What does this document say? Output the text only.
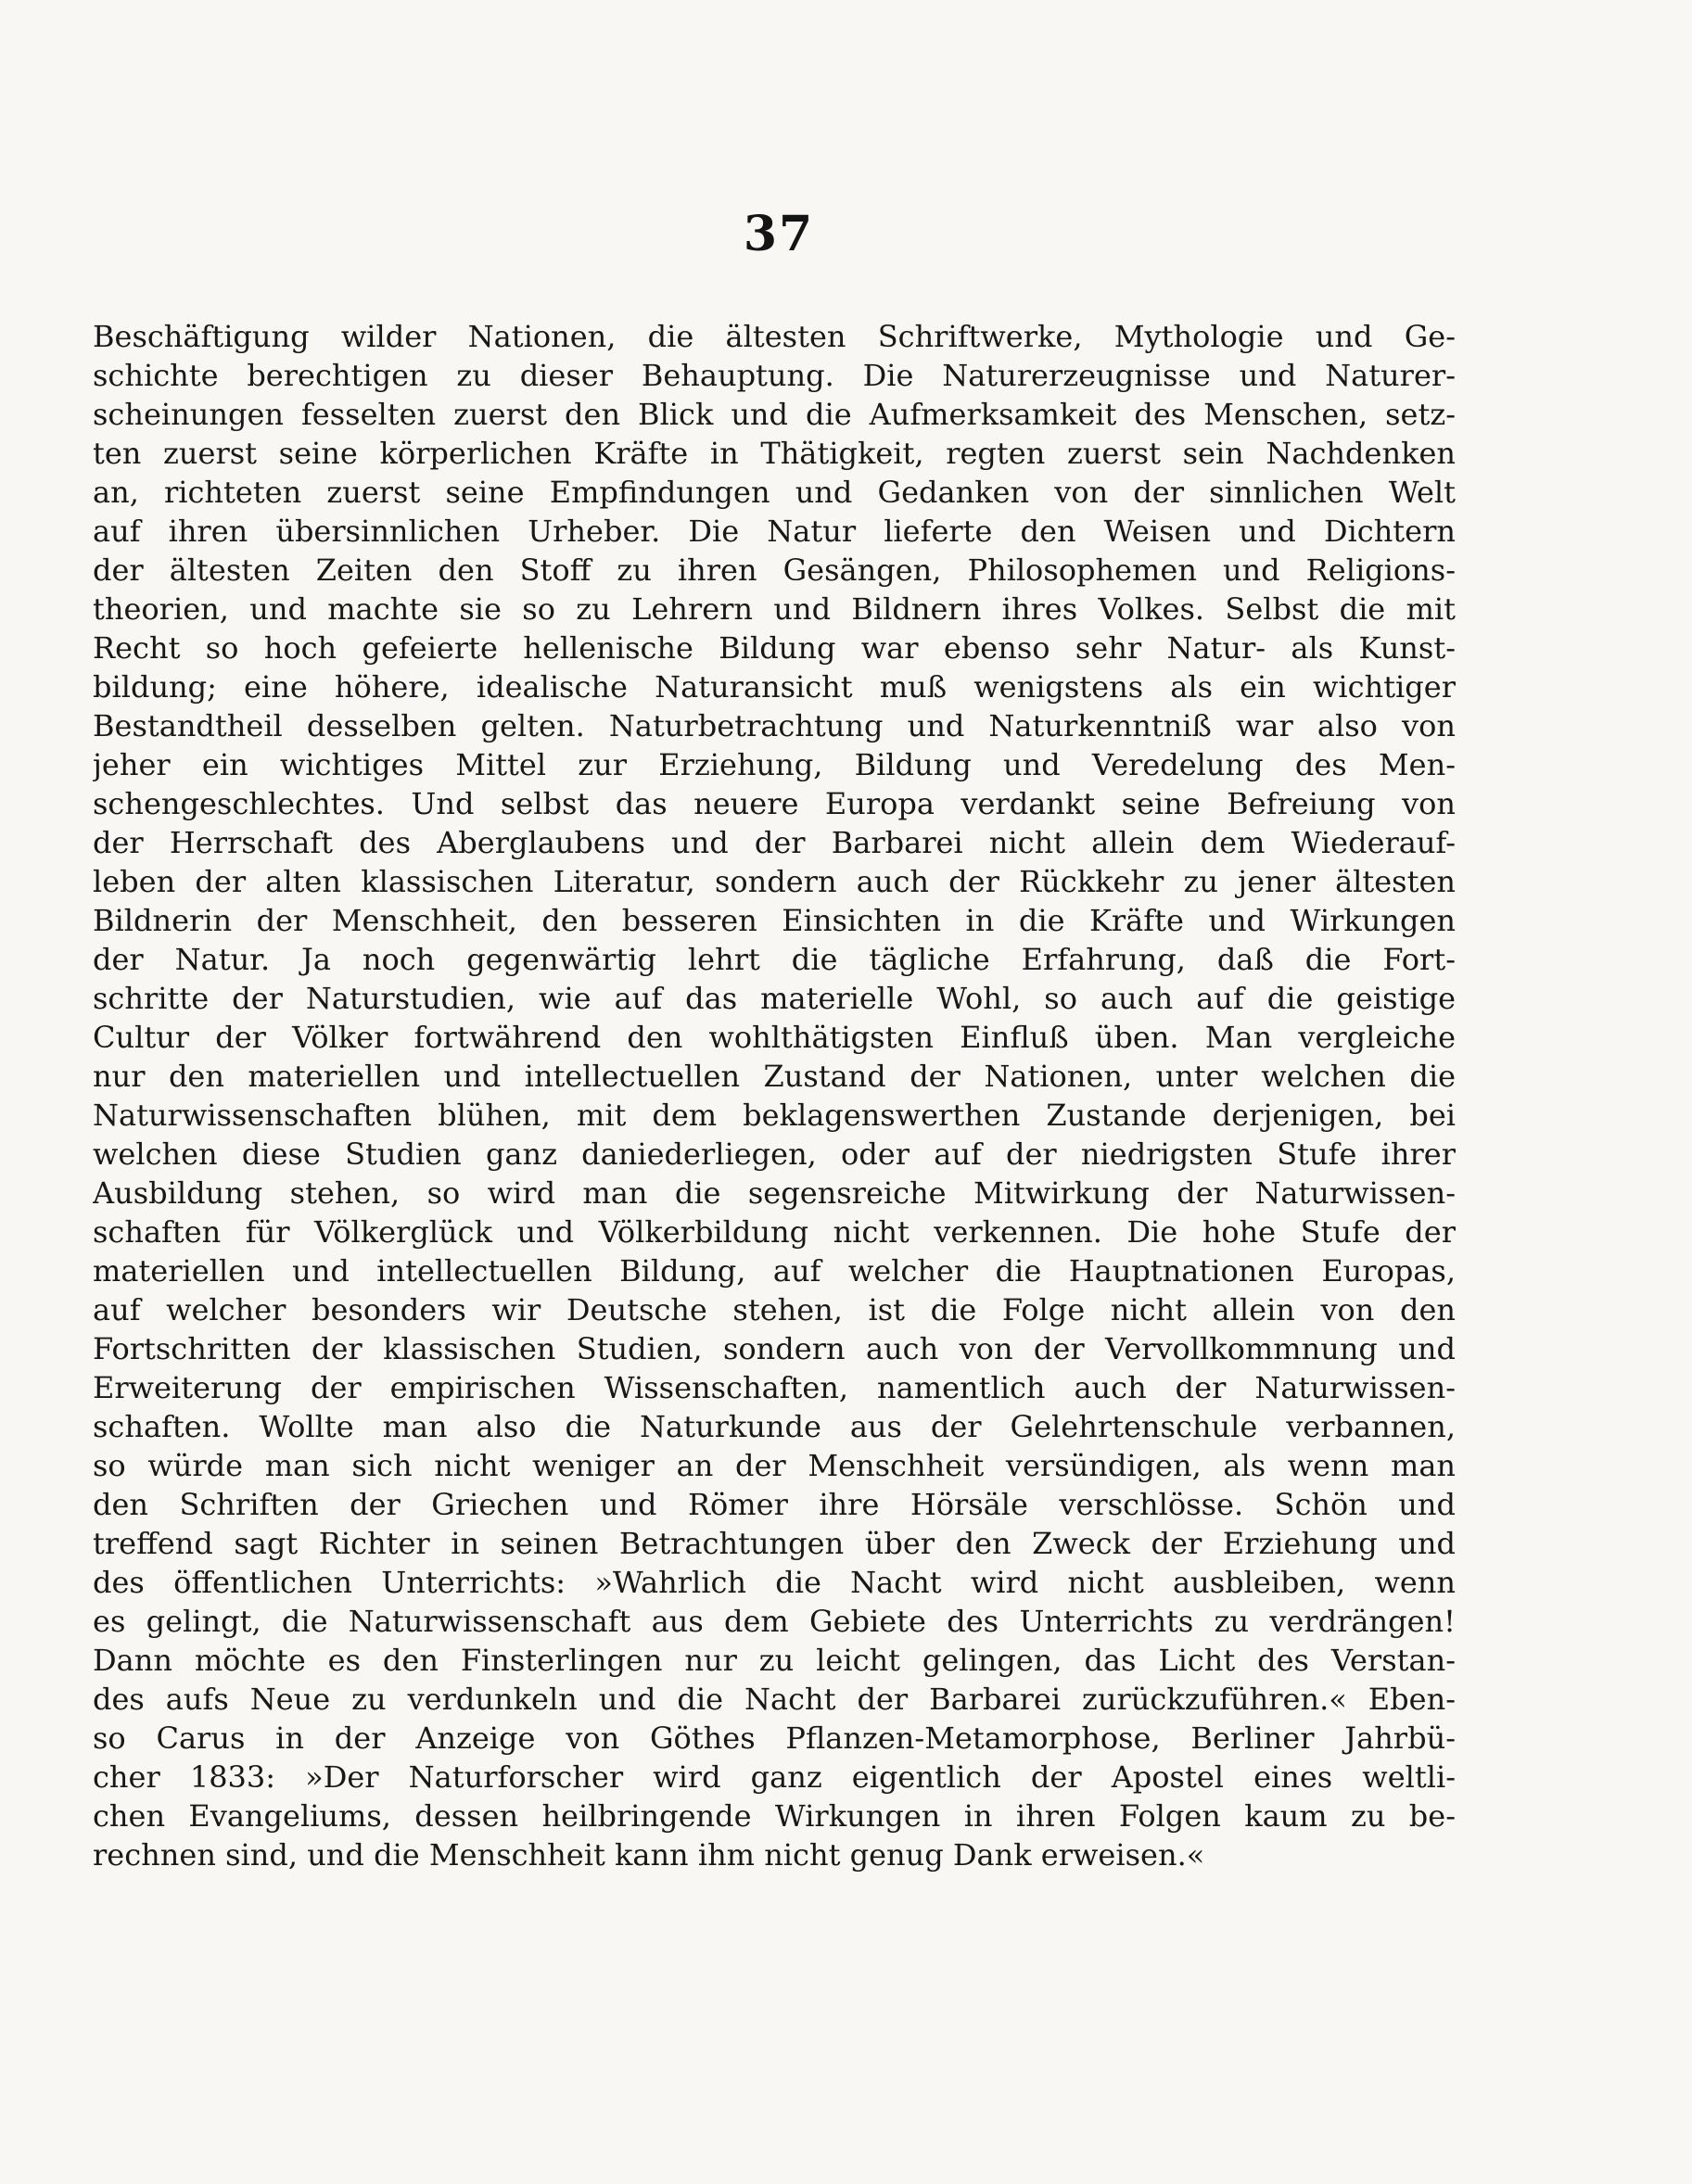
37
Beschäftigung wilder Nationen, die ältesten Schriftwerke, Mythologie und Ge-
schichte berechtigen zu dieser Behauptung. Die Naturerzeugnisse und Naturer-
scheinungen fesselten zuerst den Blick und die Aufmerksamkeit des Menschen, setz-
ten zuerst seine körperlichen Kräfte in Thätigkeit, regten zuerst sein Nachdenken
an, richteten zuerst seine Empfindungen und Gedanken von der sinnlichen Welt
auf ihren übersinnlichen Urheber. Die Natur lieferte den Weisen und Dichtern
der ältesten Zeiten den Stoff zu ihren Gesängen, Philosophemen und Religions-
theorien, und machte sie so zu Lehrern und Bildnern ihres Volkes. Selbst die mit
Recht so hoch gefeierte hellenische Bildung war ebenso sehr Natur- als Kunst-
bildung; eine höhere, idealische Naturansicht muß wenigstens als ein wichtiger
Bestandtheil desselben gelten. Naturbetrachtung und Naturkenntniß war also von
jeher ein wichtiges Mittel zur Erziehung, Bildung und Veredelung des Men-
schengeschlechtes. Und selbst das neuere Europa verdankt seine Befreiung von
der Herrschaft des Aberglaubens und der Barbarei nicht allein dem Wiederauf-
leben der alten klassischen Literatur, sondern auch der Rückkehr zu jener ältesten
Bildnerin der Menschheit, den besseren Einsichten in die Kräfte und Wirkungen
der Natur. Ja noch gegenwärtig lehrt die tägliche Erfahrung, daß die Fort-
schritte der Naturstudien, wie auf das materielle Wohl, so auch auf die geistige
Cultur der Völker fortwährend den wohlthätigsten Einfluß üben. Man vergleiche
nur den materiellen und intellectuellen Zustand der Nationen, unter welchen die
Naturwissenschaften blühen, mit dem beklagenswerthen Zustande derjenigen, bei
welchen diese Studien ganz daniederliegen, oder auf der niedrigsten Stufe ihrer
Ausbildung stehen, so wird man die segensreiche Mitwirkung der Naturwissen-
schaften für Völkerglück und Völkerbildung nicht verkennen. Die hohe Stufe der
materiellen und intellectuellen Bildung, auf welcher die Hauptnationen Europas,
auf welcher besonders wir Deutsche stehen, ist die Folge nicht allein von den
Fortschritten der klassischen Studien, sondern auch von der Vervollkommnung und
Erweiterung der empirischen Wissenschaften, namentlich auch der Naturwissen-
schaften. Wollte man also die Naturkunde aus der Gelehrtenschule verbannen,
so würde man sich nicht weniger an der Menschheit versündigen, als wenn man
den Schriften der Griechen und Römer ihre Hörsäle verschlösse. Schön und
treffend sagt Richter in seinen Betrachtungen über den Zweck der Erziehung und
des öffentlichen Unterrichts: »Wahrlich die Nacht wird nicht ausbleiben, wenn
es gelingt, die Naturwissenschaft aus dem Gebiete des Unterrichts zu verdrängen!
Dann möchte es den Finsterlingen nur zu leicht gelingen, das Licht des Verstan-
des aufs Neue zu verdunkeln und die Nacht der Barbarei zurückzuführen.« Eben-
so Carus in der Anzeige von Göthes Pflanzen-Metamorphose, Berliner Jahrbü-
cher 1833: »Der Naturforscher wird ganz eigentlich der Apostel eines weltli-
chen Evangeliums, dessen heilbringende Wirkungen in ihren Folgen kaum zu be-
rechnen sind, und die Menschheit kann ihm nicht genug Dank erweisen.«
